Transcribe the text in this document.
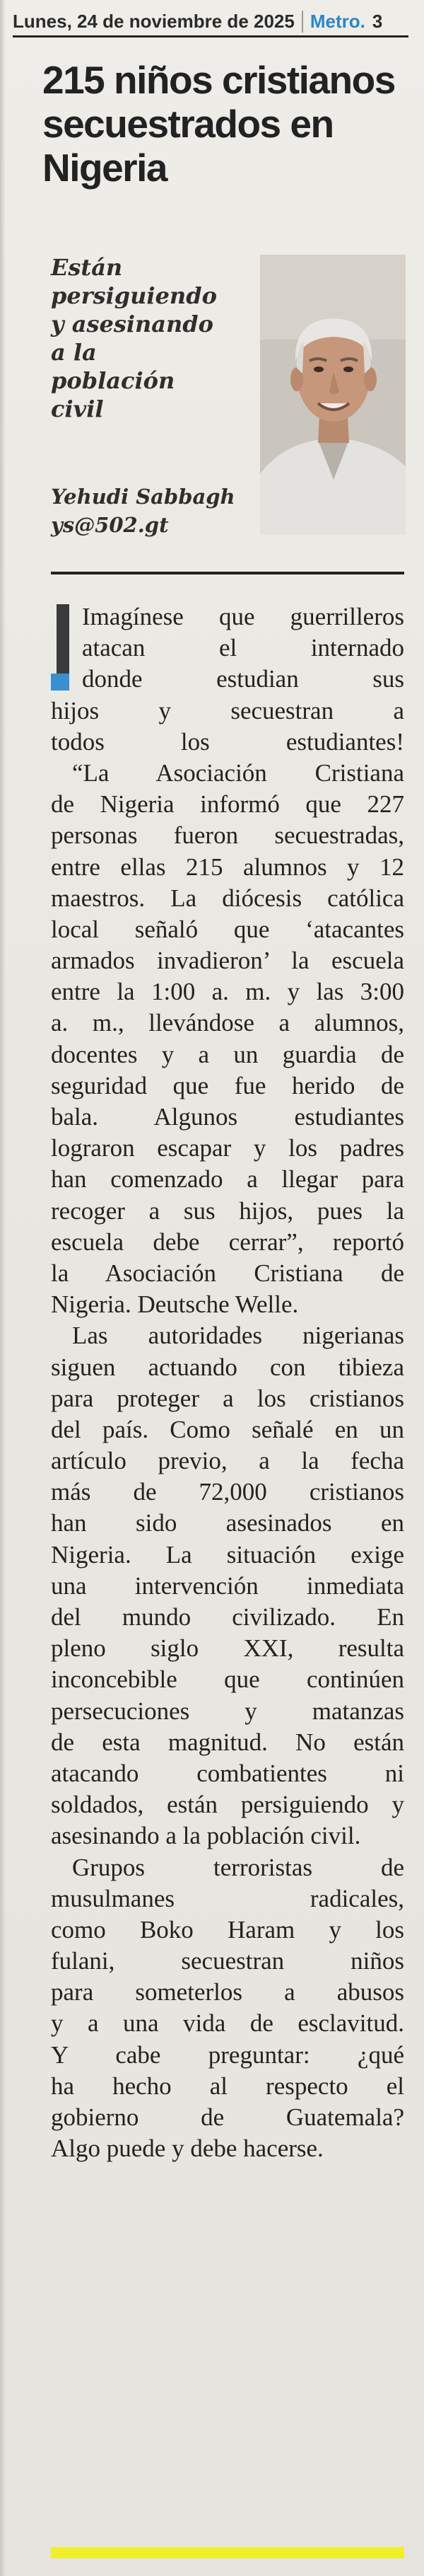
Lunes, 24 de noviembre de 2025 Metro. 3
215 niños cristianos
secuestrados en
Nigeria
Están
persiguiendo
y asesinando
a la
población
civil
Yehudi Sabbagh
ys@502.gt
Imagínese que guerrilleros
atacan el internado
donde estudian sus
hijos y secuestran a
todos los estudiantes!
“La Asociación Cristiana
de Nigeria informó que 227
personas fueron secuestradas,
entre ellas 215 alumnos y 12
maestros. La diócesis católica
local señaló que ‘atacantes
armados invadieron’ la escuela
entre la 1:00 a. m. y las 3:00
a. m., llevándose a alumnos,
docentes y a un guardia de
seguridad que fue herido de
bala. Algunos estudiantes
lograron escapar y los padres
han comenzado a llegar para
recoger a sus hijos, pues la
escuela debe cerrar”, reportó
la Asociación Cristiana de
Nigeria. Deutsche Welle.
Las autoridades nigerianas
siguen actuando con tibieza
para proteger a los cristianos
del país. Como señalé en un
artículo previo, a la fecha
más de 72,000 cristianos
han sido asesinados en
Nigeria. La situación exige
una intervención inmediata
del mundo civilizado. En
pleno siglo XXI, resulta
inconcebible que continúen
persecuciones y matanzas
de esta magnitud. No están
atacando combatientes ni
soldados, están persiguiendo y
asesinando a la población civil.
Grupos terroristas de
musulmanes radicales,
como Boko Haram y los
fulani, secuestran niños
para someterlos a abusos
y a una vida de esclavitud.
Y cabe preguntar: ¿qué
ha hecho al respecto el
gobierno de Guatemala?
Algo puede y debe hacerse.
